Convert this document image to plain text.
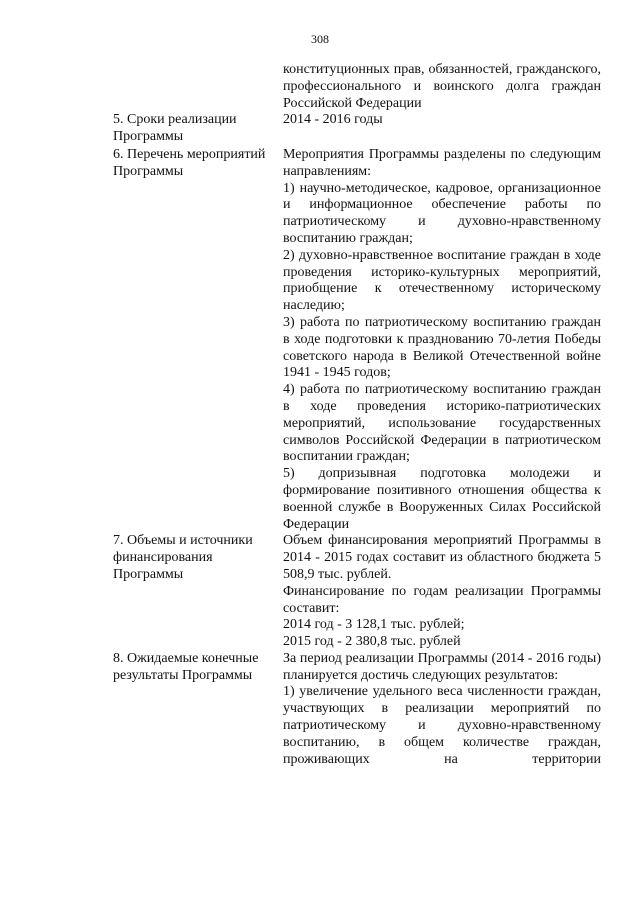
308

конституционных прав, обязанностей, гражданского, профессионального и воинского долга граждан Российской Федерации

5. Сроки реализации Программы

2014 - 2016 годы

6. Перечень мероприятий Программы

Мероприятия Программы разделены по следующим направлениям:

1) научно-методическое, кадровое, организационное и информационное обеспечение работы по патриотическому и духовно-нравственному воспитанию граждан;

2) духовно-нравственное воспитание граждан в ходе проведения историко-культурных мероприятий, приобщение к отечественному историческому наследию;

3) работа по патриотическому воспитанию граждан в ходе подготовки к празднованию 70-летия Победы советского народа в Великой Отечественной войне 1941 - 1945 годов;

4) работа по патриотическому воспитанию граждан в ходе проведения историко-патриотических мероприятий, использование государственных символов Российской Федерации в патриотическом воспитании граждан;

5) допризывная подготовка молодежи и формирование позитивного отношения общества к военной службе в Вооруженных Силах Российской Федерации

7. Объемы и источники финансирования Программы

Объем финансирования мероприятий Программы в 2014 - 2015 годах составит из областного бюджета 5 508,9 тыс. рублей.

Финансирование по годам реализации Программы составит:

2014 год - 3 128,1 тыс. рублей;

2015 год - 2 380,8 тыс. рублей

8. Ожидаемые конечные результаты Программы

За период реализации Программы (2014 - 2016 годы) планируется достичь следующих результатов:

1) увеличение удельного веса численности граждан, участвующих в реализации мероприятий по патриотическому и духовно-нравственному воспитанию, в общем количестве граждан, проживающих на территории
